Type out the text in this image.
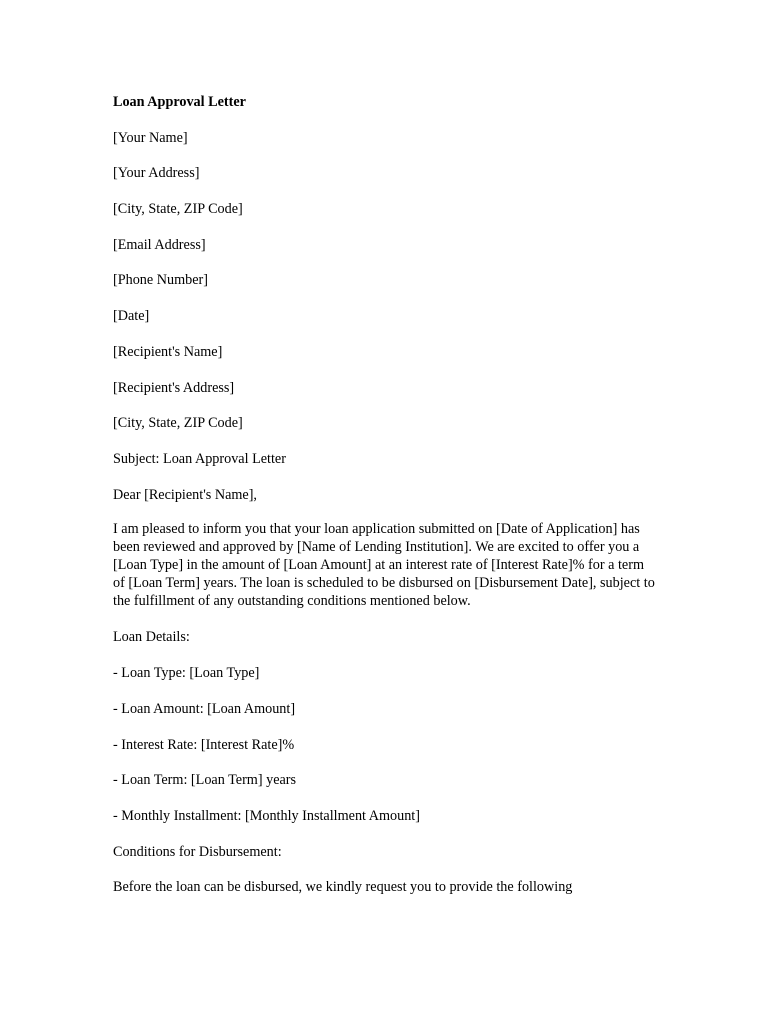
Loan Approval Letter

[Your Name]

[Your Address]

[City, State, ZIP Code]

[Email Address]

[Phone Number]

[Date]

[Recipient's Name]

[Recipient's Address]

[City, State, ZIP Code]

Subject: Loan Approval Letter

Dear [Recipient's Name],

I am pleased to inform you that your loan application submitted on [Date of Application] has been reviewed and approved by [Name of Lending Institution]. We are excited to offer you a [Loan Type] in the amount of [Loan Amount] at an interest rate of [Interest Rate]% for a term of [Loan Term] years. The loan is scheduled to be disbursed on [Disbursement Date], subject to the fulfillment of any outstanding conditions mentioned below.

Loan Details:

- Loan Type: [Loan Type]

- Loan Amount: [Loan Amount]

- Interest Rate: [Interest Rate]%

- Loan Term: [Loan Term] years

- Monthly Installment: [Monthly Installment Amount]

Conditions for Disbursement:

Before the loan can be disbursed, we kindly request you to provide the following
